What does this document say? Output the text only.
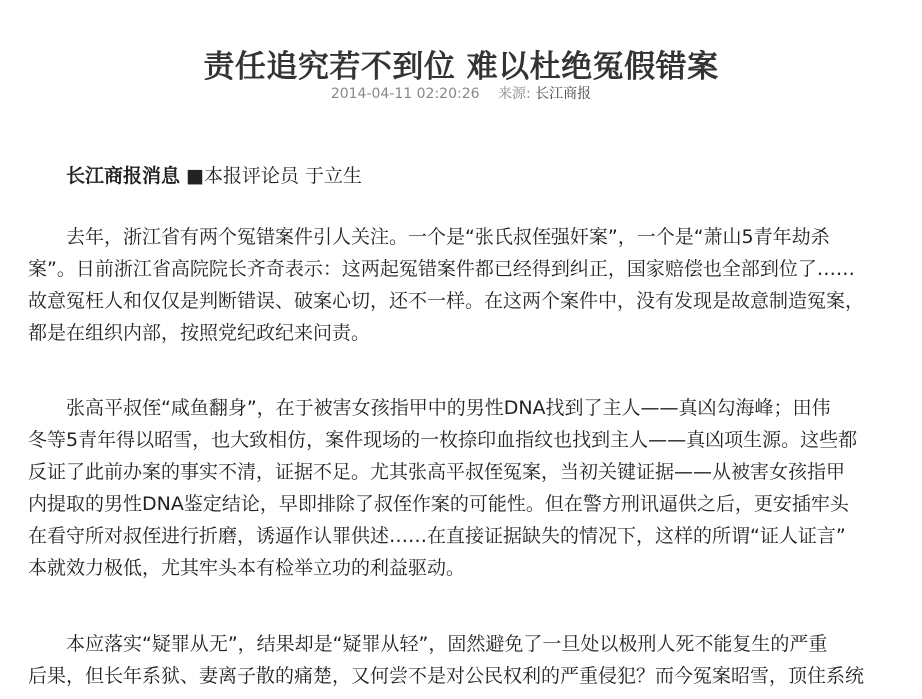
责任追究若不到位 难以杜绝冤假错案
2014-04-11 02:20:26 来源: 长江商报
长江商报消息 ■本报评论员 于立生
去年，浙江省有两个冤错案件引人关注。一个是“张氏叔侄强奸案”，一个是“萧山5青年劫杀
案”。日前浙江省高院院长齐奇表示：这两起冤错案件都已经得到纠正，国家赔偿也全部到位了……
故意冤枉人和仅仅是判断错误、破案心切，还不一样。在这两个案件中，没有发现是故意制造冤案，
都是在组织内部，按照党纪政纪来问责。
张高平叔侄“咸鱼翻身”，在于被害女孩指甲中的男性DNA找到了主人——真凶勾海峰；田伟
冬等5青年得以昭雪，也大致相仿，案件现场的一枚捺印血指纹也找到主人——真凶项生源。这些都
反证了此前办案的事实不清，证据不足。尤其张高平叔侄冤案，当初关键证据——从被害女孩指甲
内提取的男性DNA鉴定结论，早即排除了叔侄作案的可能性。但在警方刑讯逼供之后，更安插牢头
在看守所对叔侄进行折磨，诱逼作认罪供述……在直接证据缺失的情况下，这样的所谓“证人证言”
本就效力极低，尤其牢头本有检举立功的利益驱动。
本应落实“疑罪从无”，结果却是“疑罪从轻”，固然避免了一旦处以极刑人死不能复生的严重
后果，但长年系狱、妻离子散的痛楚，又何尝不是对公民权利的严重侵犯？而今冤案昭雪，顶住系统
